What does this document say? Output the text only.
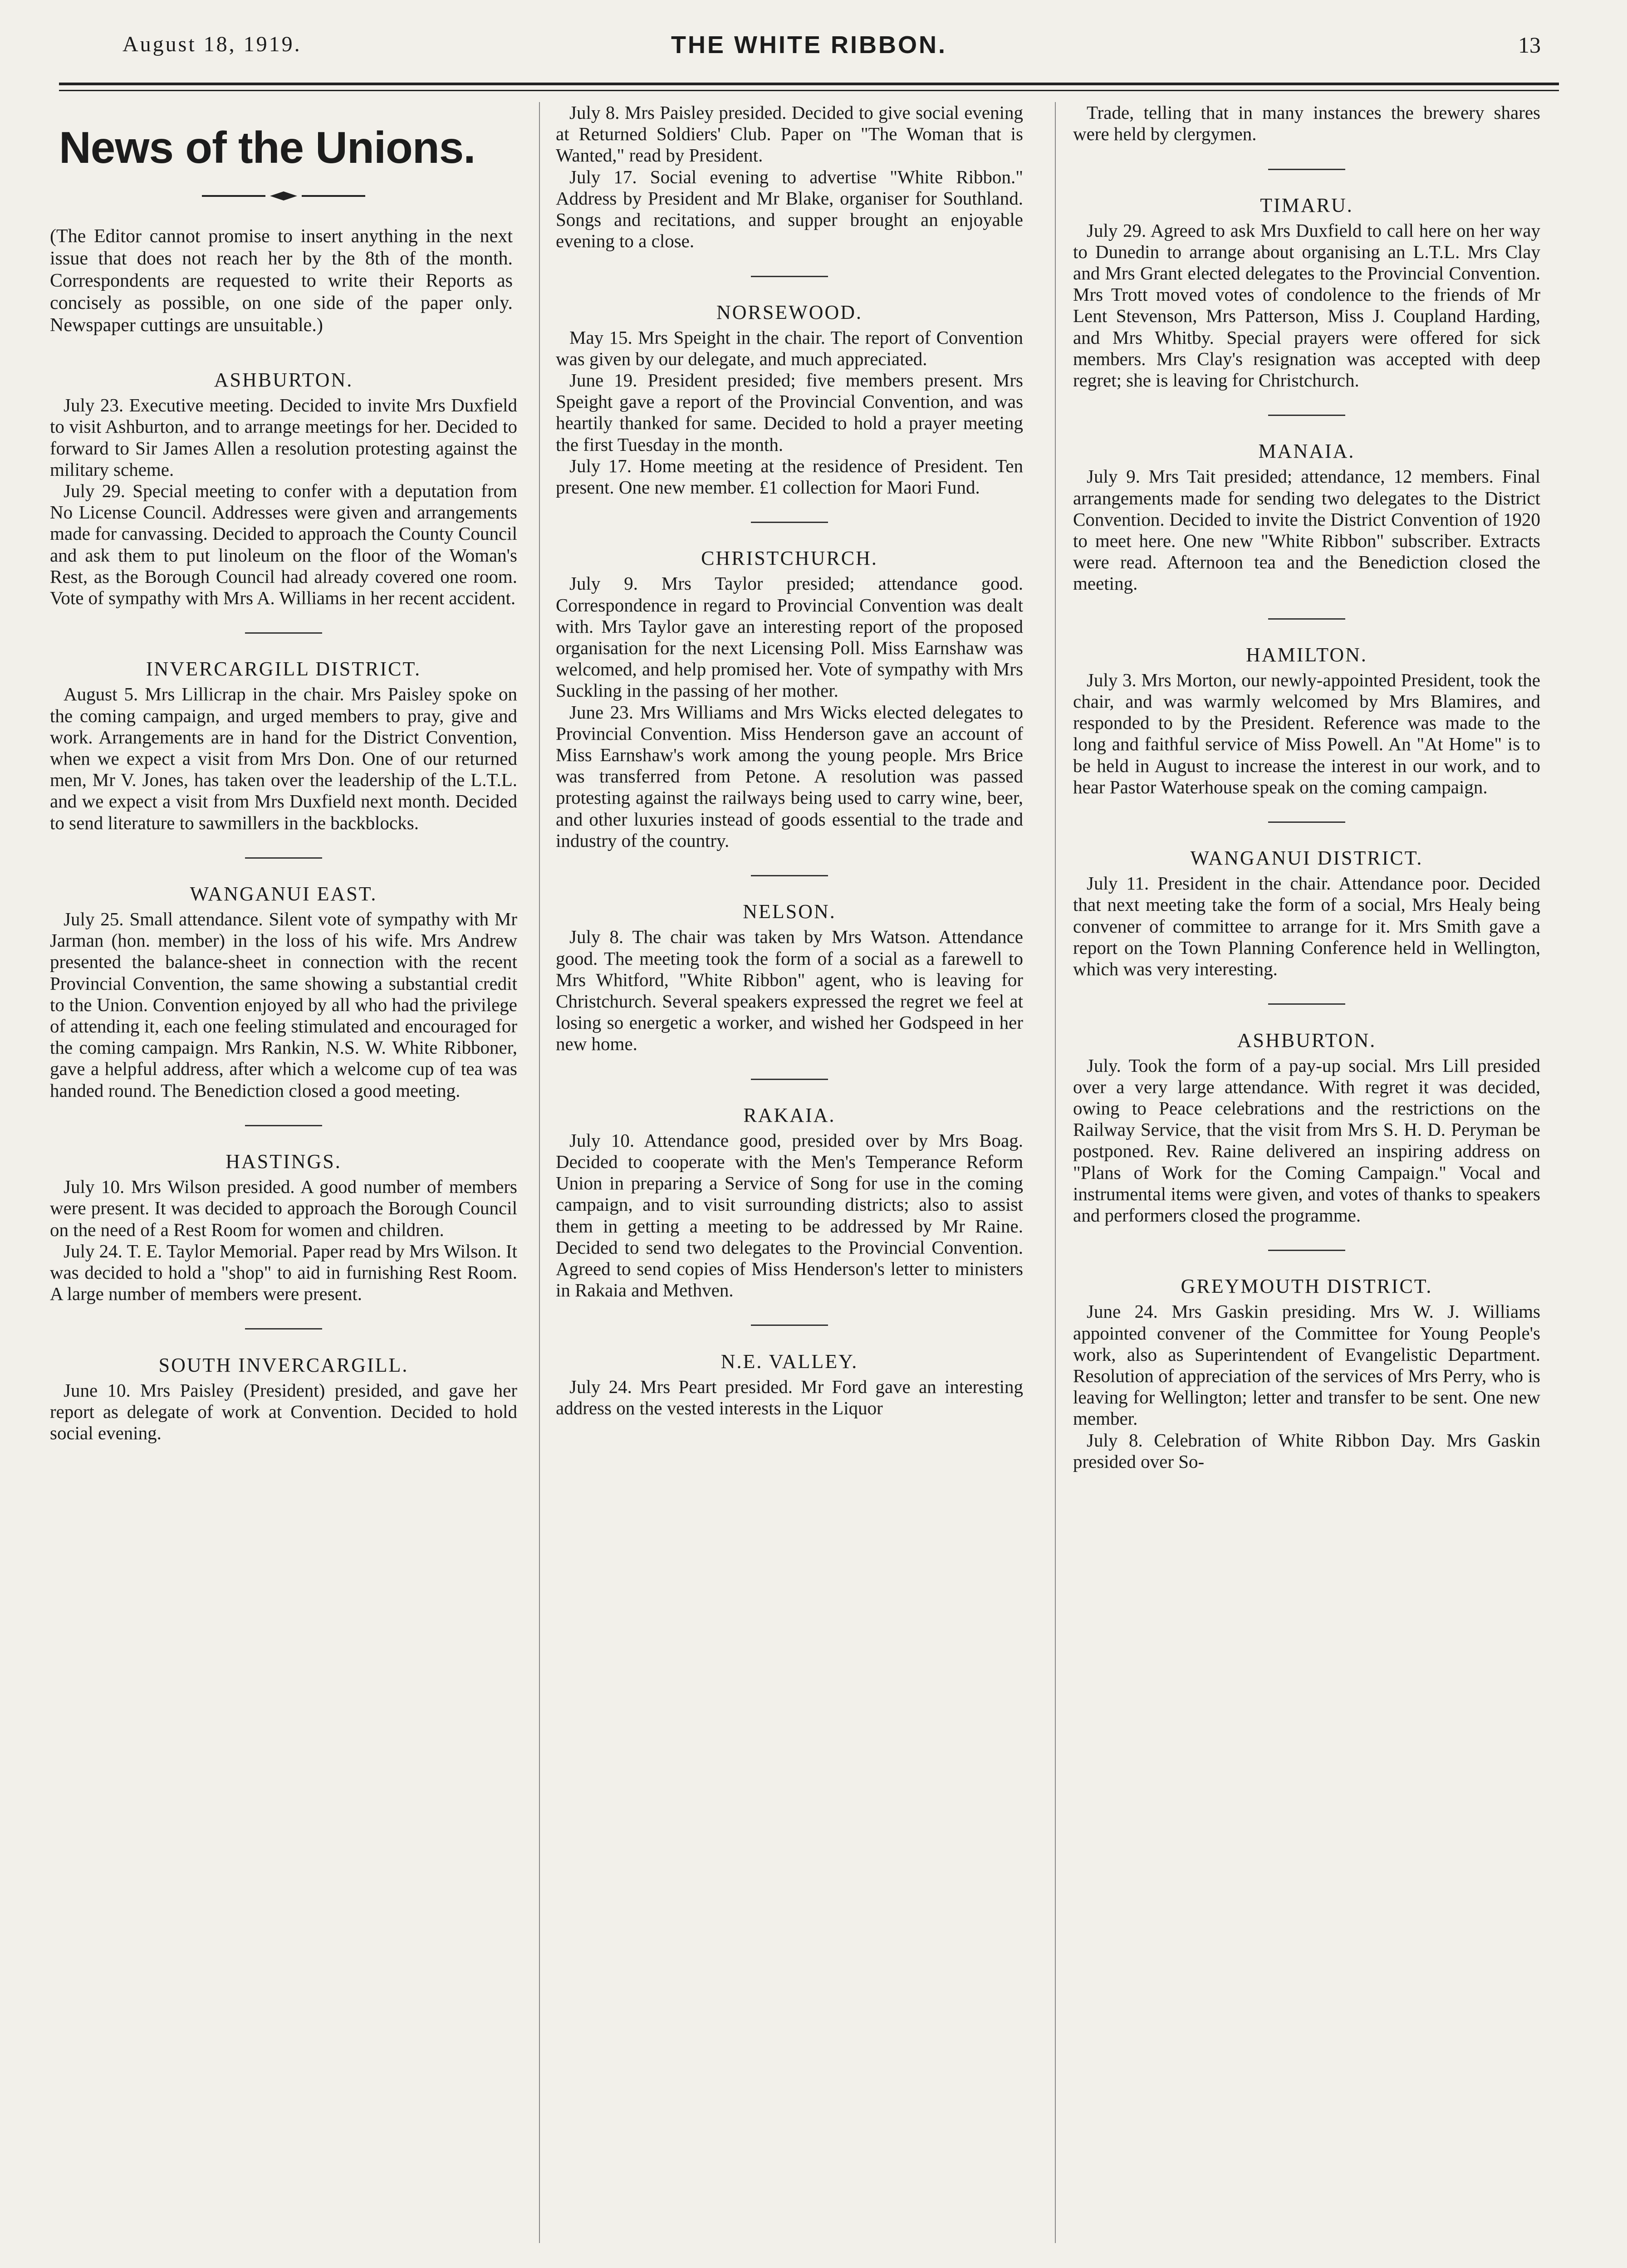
August 18, 1919.	THE WHITE RIBBON.	13
News of the Unions.
(The Editor cannot promise to insert anything in the next issue that does not reach her by the 8th of the month. Correspondents are requested to write their Reports as concisely as possible, on one side of the paper only. Newspaper cuttings are unsuitable.)
ASHBURTON.

July 23. Executive meeting. Decided to invite Mrs Duxfield to visit Ashburton, and to arrange meetings for her. Decided to forward to Sir James Allen a resolution protesting against the military scheme.

July 29. Special meeting to confer with a deputation from No License Council. Addresses were given and arrangements made for canvassing. Decided to approach the County Council and ask them to put linoleum on the floor of the Woman's Rest, as the Borough Council had already covered one room. Vote of sympathy with Mrs A. Williams in her recent accident.

INVERCARGILL DISTRICT.

August 5. Mrs Lillicrap in the chair. Mrs Paisley spoke on the coming campaign, and urged members to pray, give and work. Arrangements are in hand for the District Convention, when we expect a visit from Mrs Don. One of our returned men, Mr V. Jones, has taken over the leadership of the L.T.L. and we expect a visit from Mrs Duxfield next month. Decided to send literature to sawmillers in the backblocks.

WANGANUI EAST.

July 25. Small attendance. Silent vote of sympathy with Mr Jarman (hon. member) in the loss of his wife. Mrs Andrew presented the balance-sheet in connection with the recent Provincial Convention, the same showing a substantial credit to the Union. Convention enjoyed by all who had the privilege of attending it, each one feeling stimulated and encouraged for the coming campaign. Mrs Rankin, N.S. W. White Ribboner, gave a helpful address, after which a welcome cup of tea was handed round. The Benediction closed a good meeting.

HASTINGS.

July 10. Mrs Wilson presided. A good number of members were present. It was decided to approach the Borough Council on the need of a Rest Room for women and children.

July 24. T. E. Taylor Memorial. Paper read by Mrs Wilson. It was decided to hold a "shop" to aid in furnishing Rest Room. A large number of members were present.

SOUTH INVERCARGILL.

June 10. Mrs Paisley (President) presided, and gave her report as delegate of work at Convention. Decided to hold social evening.

July 8. Mrs Paisley presided. Decided to give social evening at Returned Soldiers' Club. Paper on "The Woman that is Wanted," read by President.

July 17. Social evening to advertise "White Ribbon." Address by President and Mr Blake, organiser for Southland. Songs and recitations, and supper brought an enjoyable evening to a close.

NORSEWOOD.

May 15. Mrs Speight in the chair. The report of Convention was given by our delegate, and much appreciated.

June 19. President presided; five members present. Mrs Speight gave a report of the Provincial Convention, and was heartily thanked for same. Decided to hold a prayer meeting the first Tuesday in the month.

July 17. Home meeting at the residence of President. Ten present. One new member. £1 collection for Maori Fund.

CHRISTCHURCH.

July 9. Mrs Taylor presided; attendance good. Correspondence in regard to Provincial Convention was dealt with. Mrs Taylor gave an interesting report of the proposed organisation for the next Licensing Poll. Miss Earnshaw was welcomed, and help promised her. Vote of sympathy with Mrs Suckling in the passing of her mother.

June 23. Mrs Williams and Mrs Wicks elected delegates to Provincial Convention. Miss Henderson gave an account of Miss Earnshaw's work among the young people. Mrs Brice was transferred from Petone. A resolution was passed protesting against the railways being used to carry wine, beer, and other luxuries instead of goods essential to the trade and industry of the country.

NELSON.

July 8. The chair was taken by Mrs Watson. Attendance good. The meeting took the form of a social as a farewell to Mrs Whitford, "White Ribbon" agent, who is leaving for Christchurch. Several speakers expressed the regret we feel at losing so energetic a worker, and wished her Godspeed in her new home.

RAKAIA.

July 10. Attendance good, presided over by Mrs Boag. Decided to cooperate with the Men's Temperance Reform Union in preparing a Service of Song for use in the coming campaign, and to visit surrounding districts; also to assist them in getting a meeting to be addressed by Mr Raine. Decided to send two delegates to the Provincial Convention. Agreed to send copies of Miss Henderson's letter to ministers in Rakaia and Methven.

N.E. VALLEY.

July 24. Mrs Peart presided. Mr Ford gave an interesting address on the vested interests in the Liquor

Trade, telling that in many instances the brewery shares were held by clergymen.

TIMARU.

July 29. Agreed to ask Mrs Duxfield to call here on her way to Dunedin to arrange about organising an L.T.L. Mrs Clay and Mrs Grant elected delegates to the Provincial Convention. Mrs Trott moved votes of condolence to the friends of Mr Lent Stevenson, Mrs Patterson, Miss J. Coupland Harding, and Mrs Whitby. Special prayers were offered for sick members. Mrs Clay's resignation was accepted with deep regret; she is leaving for Christchurch.

MANAIA.

July 9. Mrs Tait presided; attendance, 12 members. Final arrangements made for sending two delegates to the District Convention. Decided to invite the District Convention of 1920 to meet here. One new "White Ribbon" subscriber. Extracts were read. Afternoon tea and the Benediction closed the meeting.

HAMILTON.

July 3. Mrs Morton, our newly-appointed President, took the chair, and was warmly welcomed by Mrs Blamires, and responded to by the President. Reference was made to the long and faithful service of Miss Powell. An "At Home" is to be held in August to increase the interest in our work, and to hear Pastor Waterhouse speak on the coming campaign.

WANGANUI DISTRICT.

July 11. President in the chair. Attendance poor. Decided that next meeting take the form of a social, Mrs Healy being convener of committee to arrange for it. Mrs Smith gave a report on the Town Planning Conference held in Wellington, which was very interesting.

ASHBURTON.

July. Took the form of a pay-up social. Mrs Lill presided over a very large attendance. With regret it was decided, owing to Peace celebrations and the restrictions on the Railway Service, that the visit from Mrs S. H. D. Peryman be postponed. Rev. Raine delivered an inspiring address on "Plans of Work for the Coming Campaign." Vocal and instrumental items were given, and votes of thanks to speakers and performers closed the programme.

GREYMOUTH DISTRICT.

June 24. Mrs Gaskin presiding. Mrs W. J. Williams appointed convener of the Committee for Young People's work, also as Superintendent of Evangelistic Department. Resolution of appreciation of the services of Mrs Perry, who is leaving for Wellington; letter and transfer to be sent. One new member.

July 8. Celebration of White Ribbon Day. Mrs Gaskin presided over So-
